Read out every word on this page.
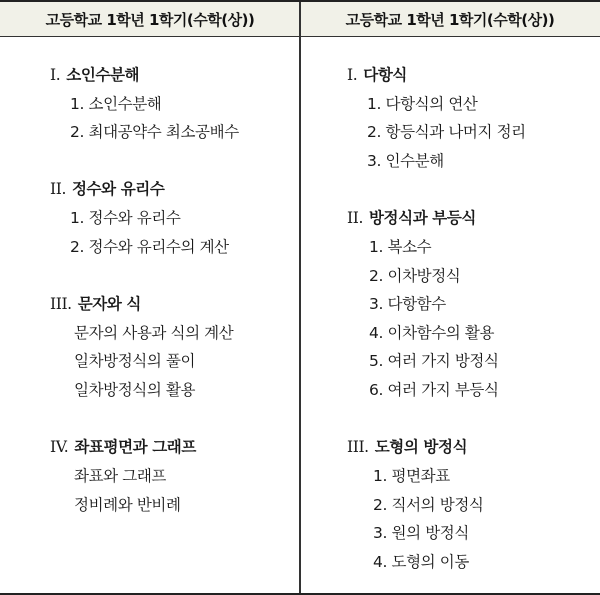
고등학교 1학년 1학기(수학(상))	고등학교 1학년 1학기(수학(상))
I. 소인수분해
1. 소인수분해
2. 최대공약수 최소공배수
II. 정수와 유리수
1. 정수와 유리수
2. 정수와 유리수의 계산
III. 문자와 식
문자의 사용과 식의 계산
일차방정식의 풀이
일차방정식의 활용
IV. 좌표평면과 그래프
좌표와 그래프
정비례와 반비례
I. 다항식
1. 다항식의 연산
2. 항등식과 나머지 정리
3. 인수분해
II. 방정식과 부등식
1. 복소수
2. 이차방정식
3. 다항함수
4. 이차함수의 활용
5. 여러 가지 방정식
6. 여러 가지 부등식
III. 도형의 방정식
1. 평면좌표
2. 직서의 방정식
3. 원의 방정식
4. 도형의 이동
